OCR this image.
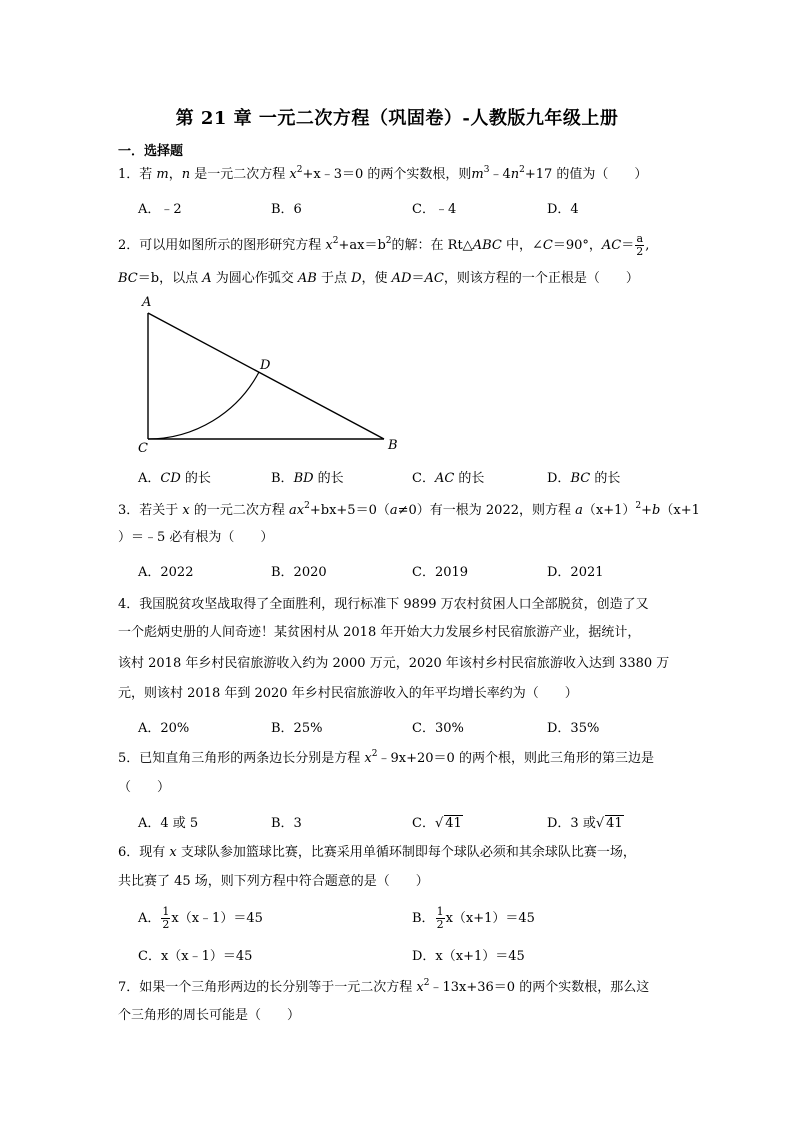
第 21 章 一元二次方程（巩固卷）-人教版九年级上册
一．选择题
1．若 m，n 是一元二次方程 $x^2+x﹣3=0$ 的两个实数根，则$m^3﹣4n^2+17$ 的值为（　　）
A．﹣2	B．6	C．﹣4	D．4
2．可以用如图所示的图形研究方程 $x^2+ax=b^2$的解：在 Rt△ABC 中，∠C＝90°，$AC= \frac{a}{2}$ ,
BC＝b，以点 A 为圆心作弧交 AB 于点 D，使 AD＝AC，则该方程的一个正根是（　　）
A
D
C	B
A．CD 的长	B．BD 的长	C．AC 的长	D．BC 的长
3．若关于 x 的一元二次方程 $ax^2+bx+5=0(a\ne 0)$有一根为 2022，则方程 $a(x+1)^2+b(x+1$
）＝﹣5 必有根为（　　）
A．2022	B．2020	C．2019	D．2021
4．我国脱贫攻坚战取得了全面胜利，现行标准下 9899 万农村贫困人口全部脱贫，创造了又
一个彪炳史册的人间奇迹！某贫困村从 2018 年开始大力发展乡村民宿旅游产业，据统计，
该村 2018 年乡村民宿旅游收入约为 2000 万元，2020 年该村乡村民宿旅游收入达到 3380 万
元，则该村 2018 年到 2020 年乡村民宿旅游收入的年平均增长率约为（　　）
A．20%	B．25%	C．30%	D．35%
5．已知直角三角形的两条边长分别是方程 $x^2﹣9x+20=0$ 的两个根，则此三角形的第三边是
（　　）
A．4 或 5	B．3	C．√ 41	D．3 或√ 41
6．现有 x 支球队参加篮球比赛，比赛采用单循环制即每个球队必须和其余球队比赛一场，
共比赛了 45 场，则下列方程中符合题意的是（　　）
A． $\frac{1}{2}$ x（x﹣1）＝45	B． $\frac{1}{2} x(x+1)=45$
C．x（x﹣1）＝45	D．x（x+1）＝45
7．如果一个三角形两边的长分别等于一元二次方程 $x^2﹣13x+36=0$ 的两个实数根，那么这
个三角形的周长可能是（　　）
